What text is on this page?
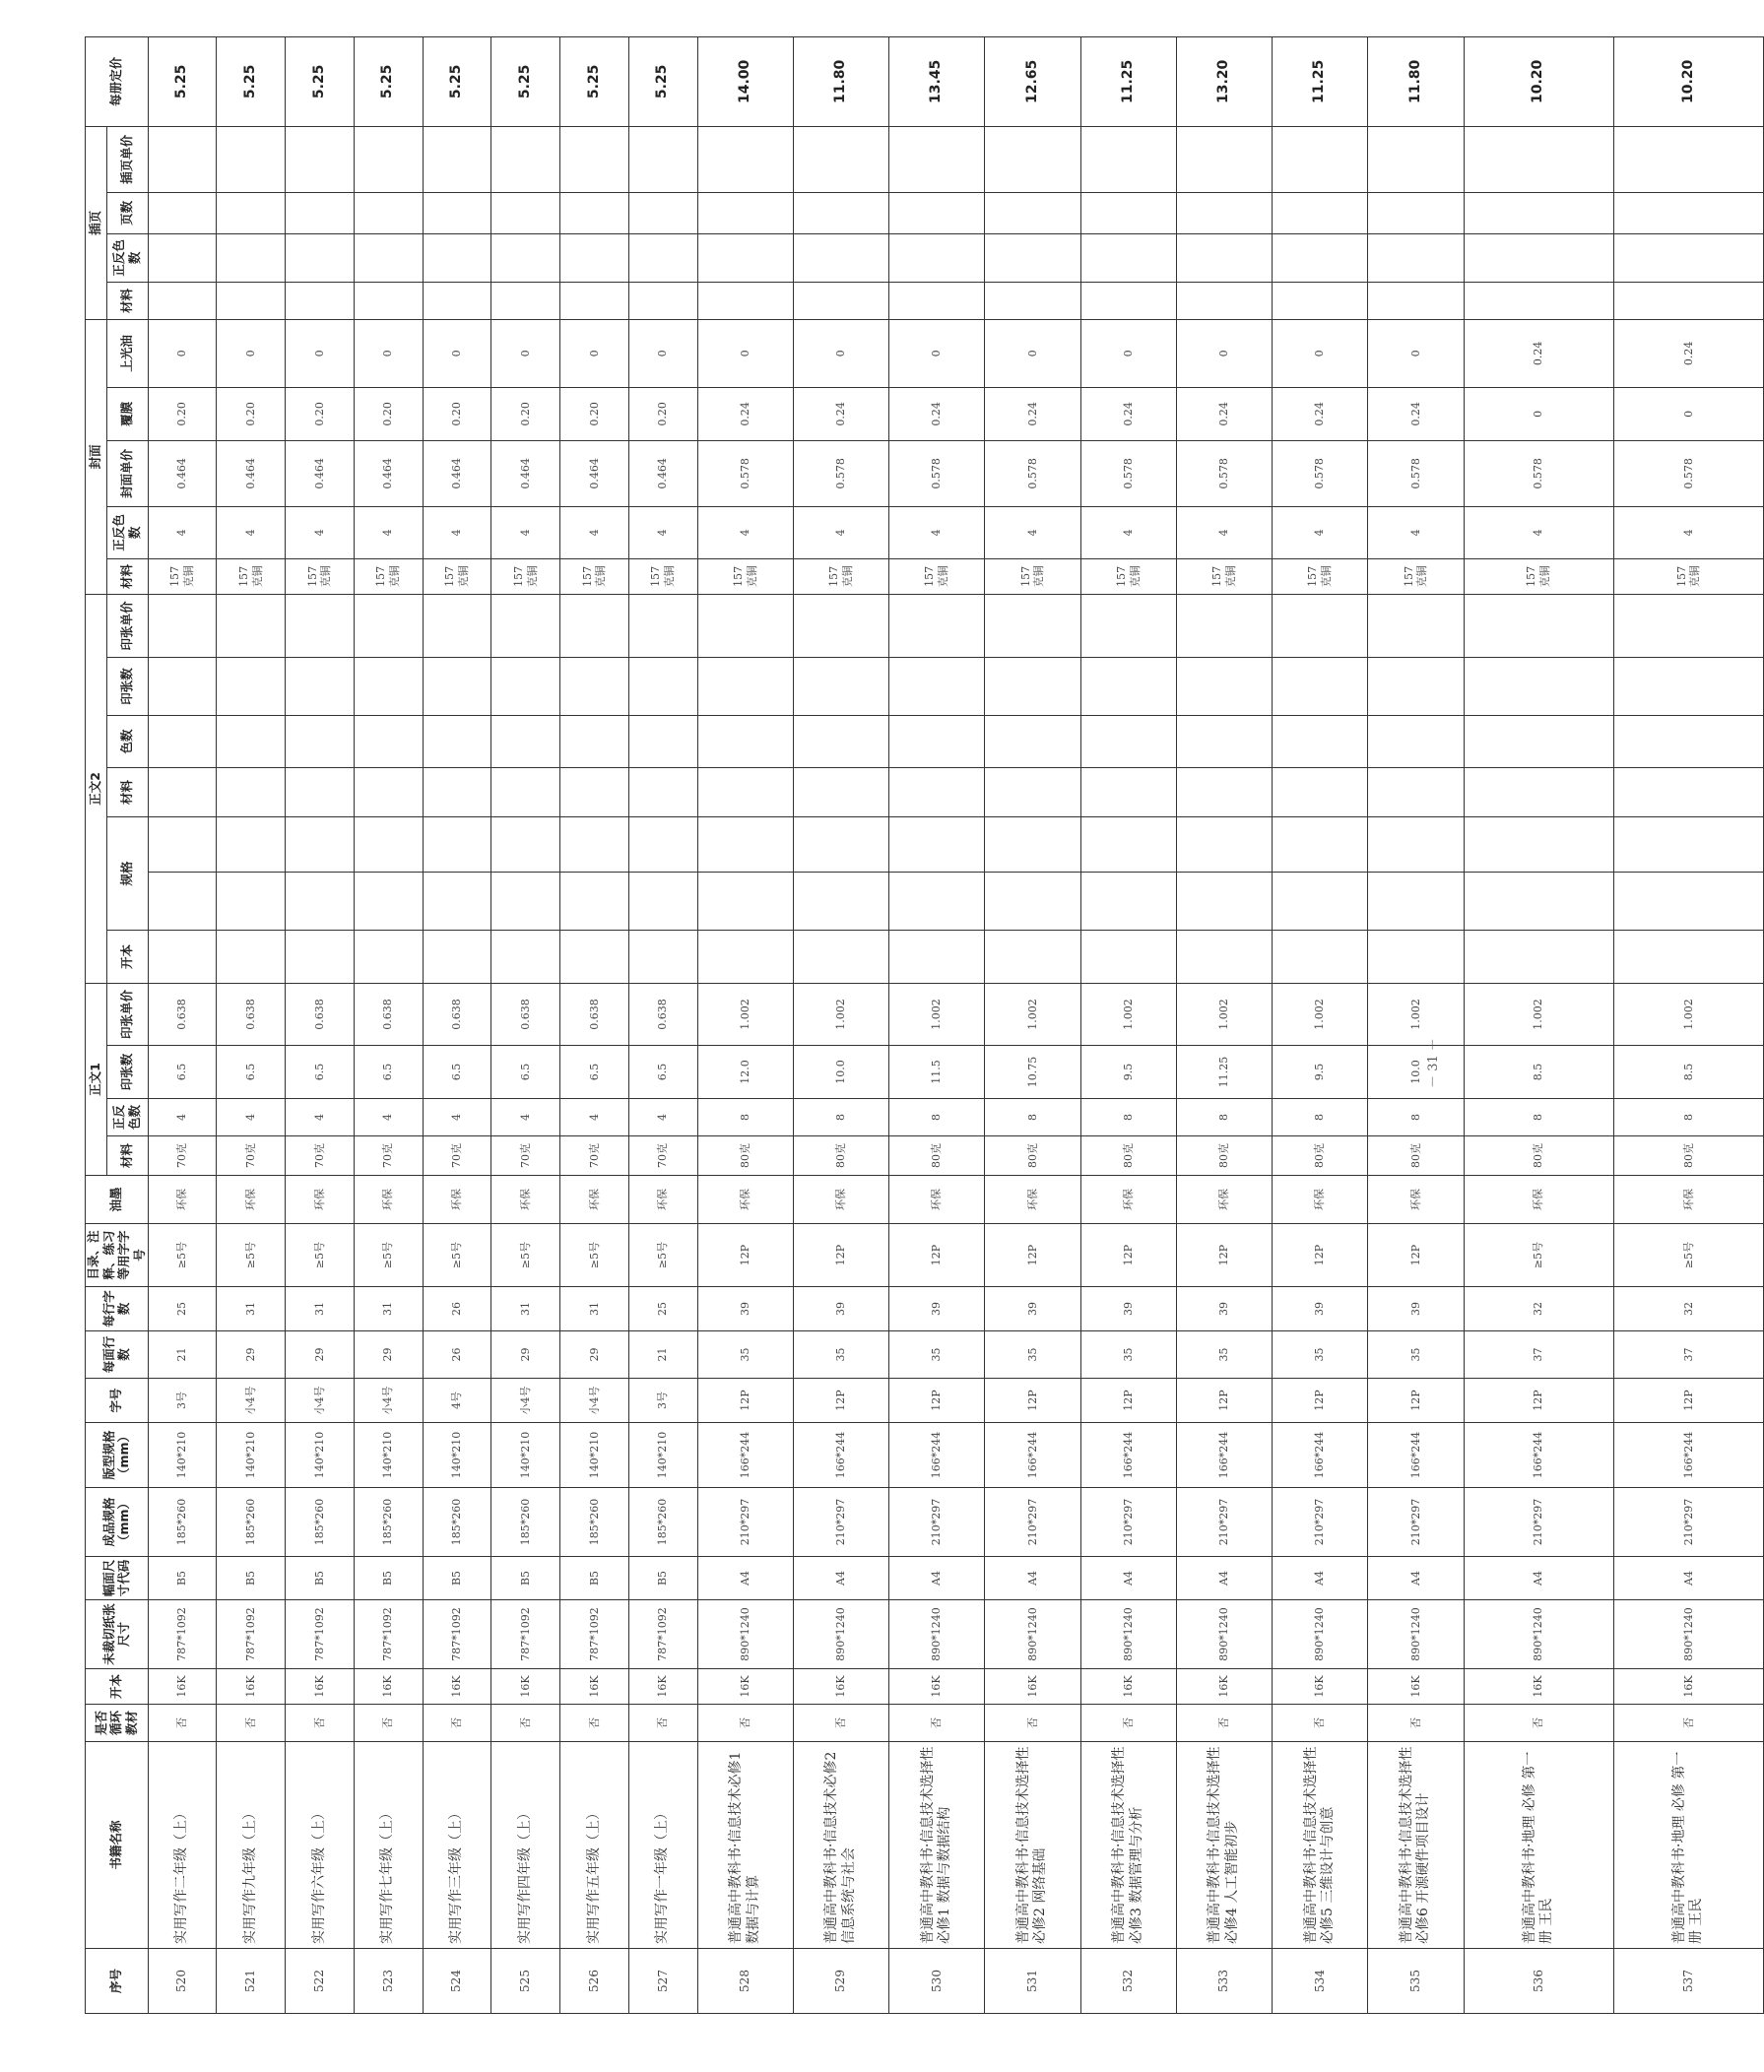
序号	书籍名称	是否循环教材	开本	未裁切纸张尺寸	幅面尺寸代码	成品规格（mm）	版型规格（mm）	字号	每面行数	每行字数	目录、注释、练习等用字字号	油墨	正文1				正文2							封面					插页				每册定价	
													材料	正反色数	印张数	印张单价	开本	规格		材料	色数	印张数	印张单价	材料	正反色数	封面单价	覆膜	上光油	材料	正反色数	页数	插页单价		
520	实用写作二年级（上）	否	16K	787*1092	B5	185*260	140*210	3号	21	25	≥5号	环保	70克	4	6.5	0.638								157克铜	4	0.464	0.20	0					5.25	
521	实用写作九年级（上）	否	16K	787*1092	B5	185*260	140*210	小4号	29	31	≥5号	环保	70克	4	6.5	0.638								157克铜	4	0.464	0.20	0					5.25	
522	实用写作六年级（上）	否	16K	787*1092	B5	185*260	140*210	小4号	29	31	≥5号	环保	70克	4	6.5	0.638								157克铜	4	0.464	0.20	0					5.25	
523	实用写作七年级（上）	否	16K	787*1092	B5	185*260	140*210	小4号	29	31	≥5号	环保	70克	4	6.5	0.638								157克铜	4	0.464	0.20	0					5.25	
524	实用写作三年级（上）	否	16K	787*1092	B5	185*260	140*210	4号	26	26	≥5号	环保	70克	4	6.5	0.638								157克铜	4	0.464	0.20	0					5.25	
525	实用写作四年级（上）	否	16K	787*1092	B5	185*260	140*210	小4号	29	31	≥5号	环保	70克	4	6.5	0.638								157克铜	4	0.464	0.20	0					5.25	
526	实用写作五年级（上）	否	16K	787*1092	B5	185*260	140*210	小4号	29	31	≥5号	环保	70克	4	6.5	0.638								157克铜	4	0.464	0.20	0					5.25	
527	实用写作一年级（上）	否	16K	787*1092	B5	185*260	140*210	3号	21	25	≥5号	环保	70克	4	6.5	0.638								157克铜	4	0.464	0.20	0					5.25	
528	普通高中教科书·信息技术必修1 数据与计算	否	16K	890*1240	A4	210*297	166*244	12P	35	39	12P	环保	80克	8	12.0	1.002								157克铜	4	0.578	0.24	0					14.00	
529	普通高中教科书·信息技术必修2 信息系统与社会	否	16K	890*1240	A4	210*297	166*244	12P	35	39	12P	环保	80克	8	10.0	1.002								157克铜	4	0.578	0.24	0					11.80	
530	普通高中教科书·信息技术选择性必修1 数据与数据结构	否	16K	890*1240	A4	210*297	166*244	12P	35	39	12P	环保	80克	8	11.5	1.002								157克铜	4	0.578	0.24	0					13.45	
531	普通高中教科书·信息技术选择性必修2 网络基础	否	16K	890*1240	A4	210*297	166*244	12P	35	39	12P	环保	80克	8	10.75	1.002								157克铜	4	0.578	0.24	0					12.65	
532	普通高中教科书·信息技术选择性必修3 数据管理与分析	否	16K	890*1240	A4	210*297	166*244	12P	35	39	12P	环保	80克	8	9.5	1.002								157克铜	4	0.578	0.24	0					11.25	
533	普通高中教科书·信息技术选择性必修4 人工智能初步	否	16K	890*1240	A4	210*297	166*244	12P	35	39	12P	环保	80克	8	11.25	1.002								157克铜	4	0.578	0.24	0					13.20	
534	普通高中教科书·信息技术选择性必修5 三维设计与创意	否	16K	890*1240	A4	210*297	166*244	12P	35	39	12P	环保	80克	8	9.5	1.002								157克铜	4	0.578	0.24	0					11.25	
535	普通高中教科书·信息技术选择性必修6 开源硬件项目设计	否	16K	890*1240	A4	210*297	166*244	12P	35	39	12P	环保	80克	8	10.0	1.002								157克铜	4	0.578	0.24	0					11.80	
536	普通高中教科书·地理 必修 第一册 王民	否	16K	890*1240	A4	210*297	166*244	12P	37	32	≥5号	环保	80克	8	8.5	1.002								157克铜	4	0.578	0	0.24					10.20	
537	普通高中教科书·地理 必修 第一册 王民	否	16K	890*1240	A4	210*297	166*244	12P	37	32	≥5号	环保	80克	8	8.5	1.002								157克铜	4	0.578	0	0.24					10.20	
－ 31 －
